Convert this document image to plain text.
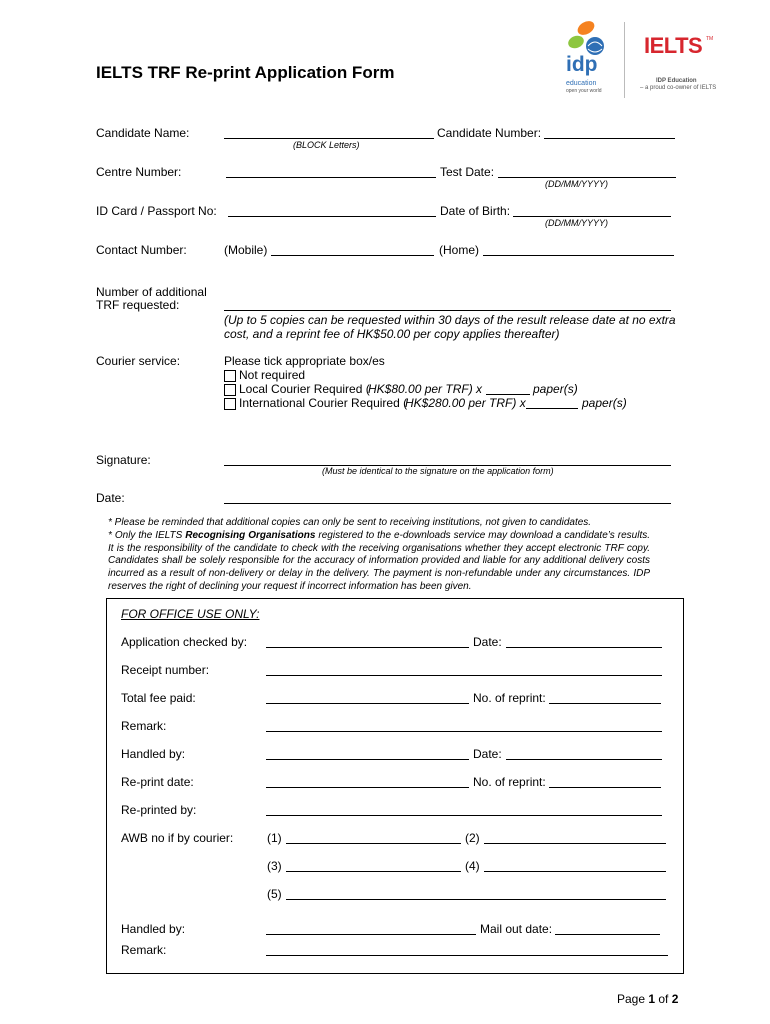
idp
education
open your world
IELTS TM
IDP Education
– a proud co-owner of IELTS
IELTS TRF Re-print Application Form
Candidate Name:
(BLOCK Letters)
Candidate Number:
Centre Number:	Test Date:
(DD/MM/YYYY)
ID Card / Passport No:	Date of Birth:
(DD/MM/YYYY)
Contact Number:	(Mobile)	(Home)
Number of additional
TRF requested:
(Up to 5 copies can be requested within 30 days of the result release date at no extra
cost, and a reprint fee of HK$50.00 per copy applies thereafter)
Courier service:	Please tick appropriate box/es
Not required
Local Courier Required (
HK$80.00 per TRF) x	paper(s)
International Courier Required (
HK$280.00 per TRF) x	paper(s)
Signature:
(Must be identical to the signature on the application form)
Date:
* Please be reminded that additional copies can only be sent to receiving institutions, not given to candidates.
* Only the IELTS Recognising Organisations registered to the e-downloads service may download a candidate’s results. It is the responsibility of the candidate to check with the receiving organisations whether they accept electronic TRF copy. Candidates shall be solely responsible for the accuracy of information provided and liable for any additional delivery costs incurred as a result of non-delivery or delay in the delivery. The payment is non-refundable under any circumstances. IDP reserves the right of declining your request if incorrect information has been given.
FOR OFFICE USE ONLY:
Application checked by:	Date:
Receipt number:
Total fee paid:	No. of reprint:
Remark:
Handled by:	Date:
Re-print date:	No. of reprint:
Re-printed by:
AWB no if by courier:	(1)	(2)
(3)	(4)
(5)
Handled by:	Mail out date:
Remark:
Page 1 of 2
